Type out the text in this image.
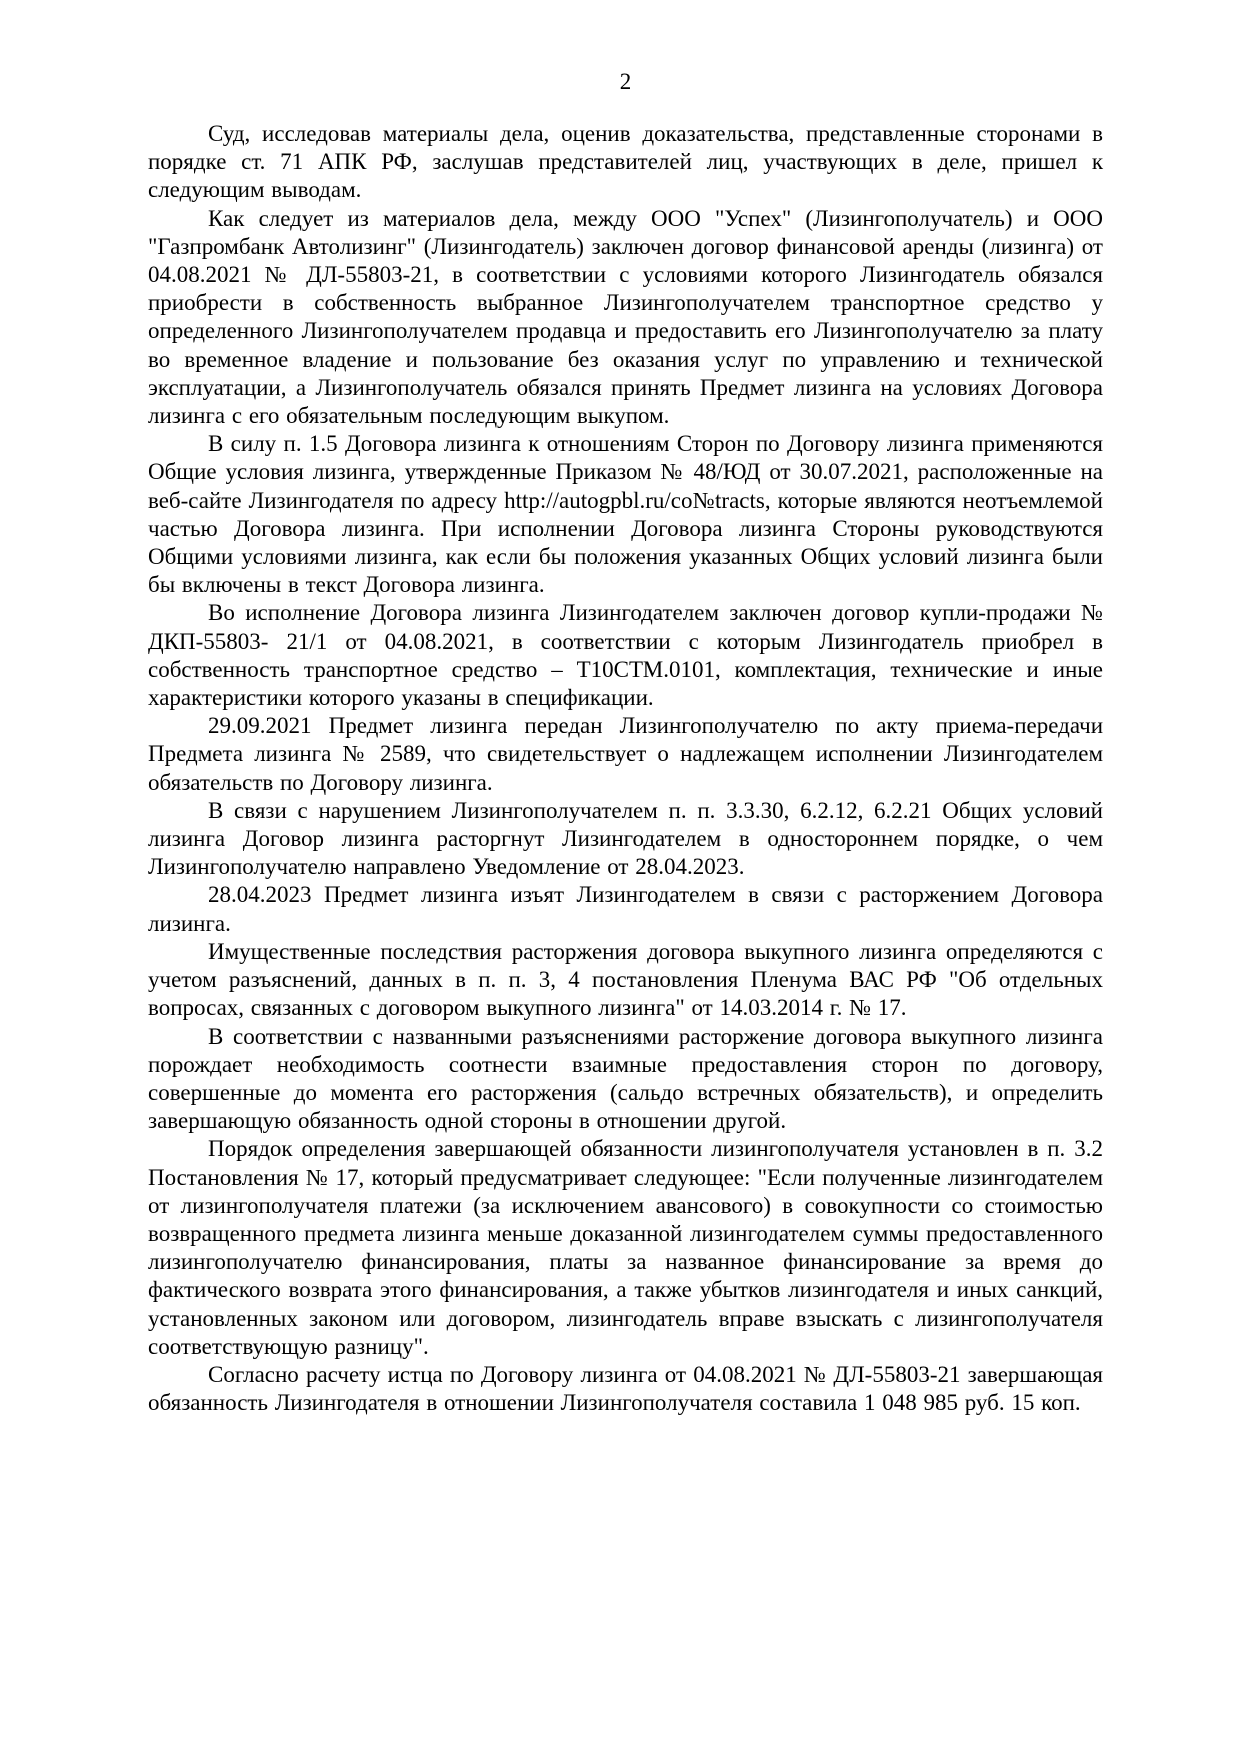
2

Суд, исследовав материалы дела, оценив доказательства, представленные сторонами в порядке ст. 71 АПК РФ, заслушав представителей лиц, участвующих в деле, пришел к следующим выводам.

Как следует из материалов дела, между ООО "Успех" (Лизингополучатель) и ООО "Газпромбанк Автолизинг" (Лизингодатель) заключен договор финансовой аренды (лизинга) от 04.08.2021 № ДЛ-55803-21, в соответствии с условиями которого Лизингодатель обязался приобрести в собственность выбранное Лизингополучателем транспортное средство у определенного Лизингополучателем продавца и предоставить его Лизингополучателю за плату во временное владение и пользование без оказания услуг по управлению и технической эксплуатации, а Лизингополучатель обязался принять Предмет лизинга на условиях Договора лизинга с его обязательным последующим выкупом.

В силу п. 1.5 Договора лизинга к отношениям Сторон по Договору лизинга применяются Общие условия лизинга, утвержденные Приказом № 48/ЮД от 30.07.2021, расположенные на веб-сайте Лизингодателя по адресу http://autogpbl.ru/co№tracts, которые являются неотъемлемой частью Договора лизинга. При исполнении Договора лизинга Стороны руководствуются Общими условиями лизинга, как если бы положения указанных Общих условий лизинга были бы включены в текст Договора лизинга.

Во исполнение Договора лизинга Лизингодателем заключен договор купли-продажи № ДКП-55803- 21/1 от 04.08.2021, в соответствии с которым Лизингодатель приобрел в собственность транспортное средство – Т10СТМ.0101, комплектация, технические и иные характеристики которого указаны в спецификации.

29.09.2021 Предмет лизинга передан Лизингополучателю по акту приема-передачи Предмета лизинга № 2589, что свидетельствует о надлежащем исполнении Лизингодателем обязательств по Договору лизинга.

В связи с нарушением Лизингополучателем п. п. 3.3.30, 6.2.12, 6.2.21 Общих условий лизинга Договор лизинга расторгнут Лизингодателем в одностороннем порядке, о чем Лизингополучателю направлено Уведомление от 28.04.2023.

28.04.2023 Предмет лизинга изъят Лизингодателем в связи с расторжением Договора лизинга.

Имущественные последствия расторжения договора выкупного лизинга определяются с учетом разъяснений, данных в п. п. 3, 4 постановления Пленума ВАС РФ "Об отдельных вопросах, связанных с договором выкупного лизинга" от 14.03.2014 г. № 17.

В соответствии с названными разъяснениями расторжение договора выкупного лизинга порождает необходимость соотнести взаимные предоставления сторон по договору, совершенные до момента его расторжения (сальдо встречных обязательств), и определить завершающую обязанность одной стороны в отношении другой.

Порядок определения завершающей обязанности лизингополучателя установлен в п. 3.2 Постановления № 17, который предусматривает следующее: "Если полученные лизингодателем от лизингополучателя платежи (за исключением авансового) в совокупности со стоимостью возвращенного предмета лизинга меньше доказанной лизингодателем суммы предоставленного лизингополучателю финансирования, платы за названное финансирование за время до фактического возврата этого финансирования, а также убытков лизингодателя и иных санкций, установленных законом или договором, лизингодатель вправе взыскать с лизингополучателя соответствующую разницу".

Согласно расчету истца по Договору лизинга от 04.08.2021 № ДЛ-55803-21 завершающая обязанность Лизингодателя в отношении Лизингополучателя составила 1 048 985 руб. 15 коп.
